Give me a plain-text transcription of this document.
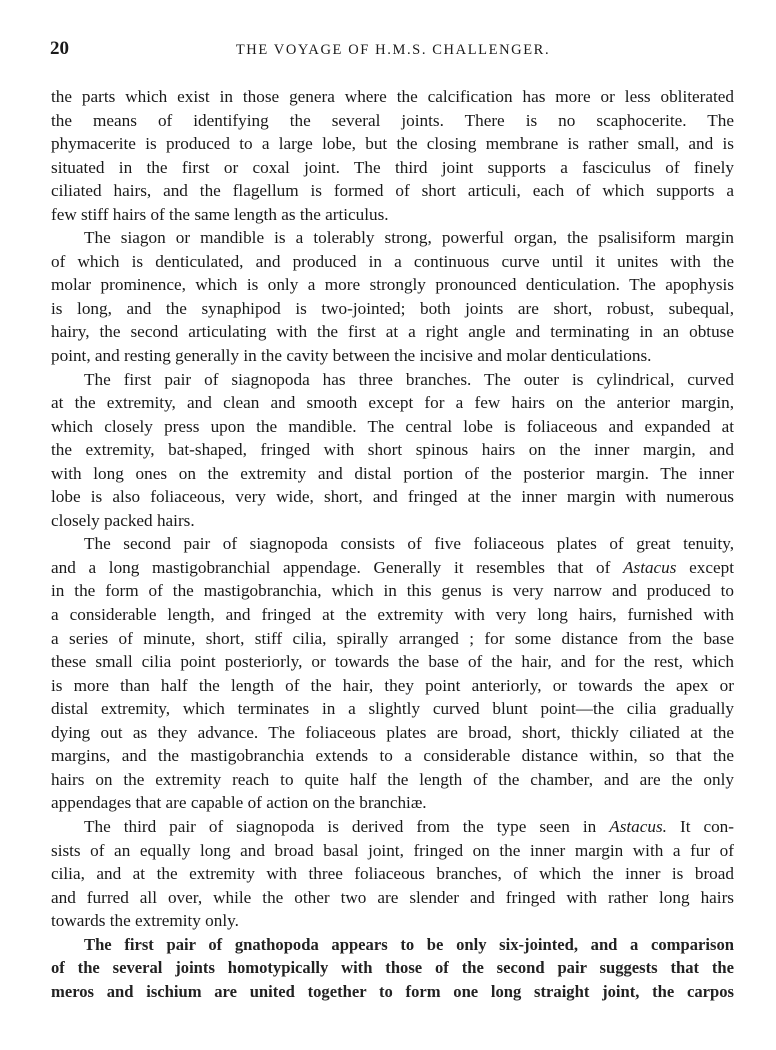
20	THE VOYAGE OF H.M.S. CHALLENGER.
the parts which exist in those genera where the calcification has more or less obliterated
the means of identifying the several joints. There is no scaphocerite. The
phymacerite is produced to a large lobe, but the closing membrane is rather small, and is
situated in the first or coxal joint. The third joint supports a fasciculus of finely
ciliated hairs, and the flagellum is formed of short articuli, each of which supports a
few stiff hairs of the same length as the articulus.
The siagon or mandible is a tolerably strong, powerful organ, the psalisiform margin
of which is denticulated, and produced in a continuous curve until it unites with the
molar prominence, which is only a more strongly pronounced denticulation. The apophysis
is long, and the synaphipod is two-jointed; both joints are short, robust, subequal,
hairy, the second articulating with the first at a right angle and terminating in an obtuse
point, and resting generally in the cavity between the incisive and molar denticulations.
The first pair of siagnopoda has three branches. The outer is cylindrical, curved
at the extremity, and clean and smooth except for a few hairs on the anterior margin,
which closely press upon the mandible. The central lobe is foliaceous and expanded at
the extremity, bat-shaped, fringed with short spinous hairs on the inner margin, and
with long ones on the extremity and distal portion of the posterior margin. The inner
lobe is also foliaceous, very wide, short, and fringed at the inner margin with numerous
closely packed hairs.
The second pair of siagnopoda consists of five foliaceous plates of great tenuity,
and a long mastigobranchial appendage. Generally it resembles that of Astacus except
in the form of the mastigobranchia, which in this genus is very narrow and produced to
a considerable length, and fringed at the extremity with very long hairs, furnished with
a series of minute, short, stiff cilia, spirally arranged ; for some distance from the base
these small cilia point posteriorly, or towards the base of the hair, and for the rest, which
is more than half the length of the hair, they point anteriorly, or towards the apex or
distal extremity, which terminates in a slightly curved blunt point—the cilia gradually
dying out as they advance. The foliaceous plates are broad, short, thickly ciliated at the
margins, and the mastigobranchia extends to a considerable distance within, so that the
hairs on the extremity reach to quite half the length of the chamber, and are the only
appendages that are capable of action on the branchiæ.
The third pair of siagnopoda is derived from the type seen in Astacus. It con-
sists of an equally long and broad basal joint, fringed on the inner margin with a fur of
cilia, and at the extremity with three foliaceous branches, of which the inner is broad
and furred all over, while the other two are slender and fringed with rather long hairs
towards the extremity only.
The first pair of gnathopoda appears to be only six-jointed, and a comparison
of the several joints homotypically with those of the second pair suggests that the
meros and ischium are united together to form one long straight joint, the carpos
